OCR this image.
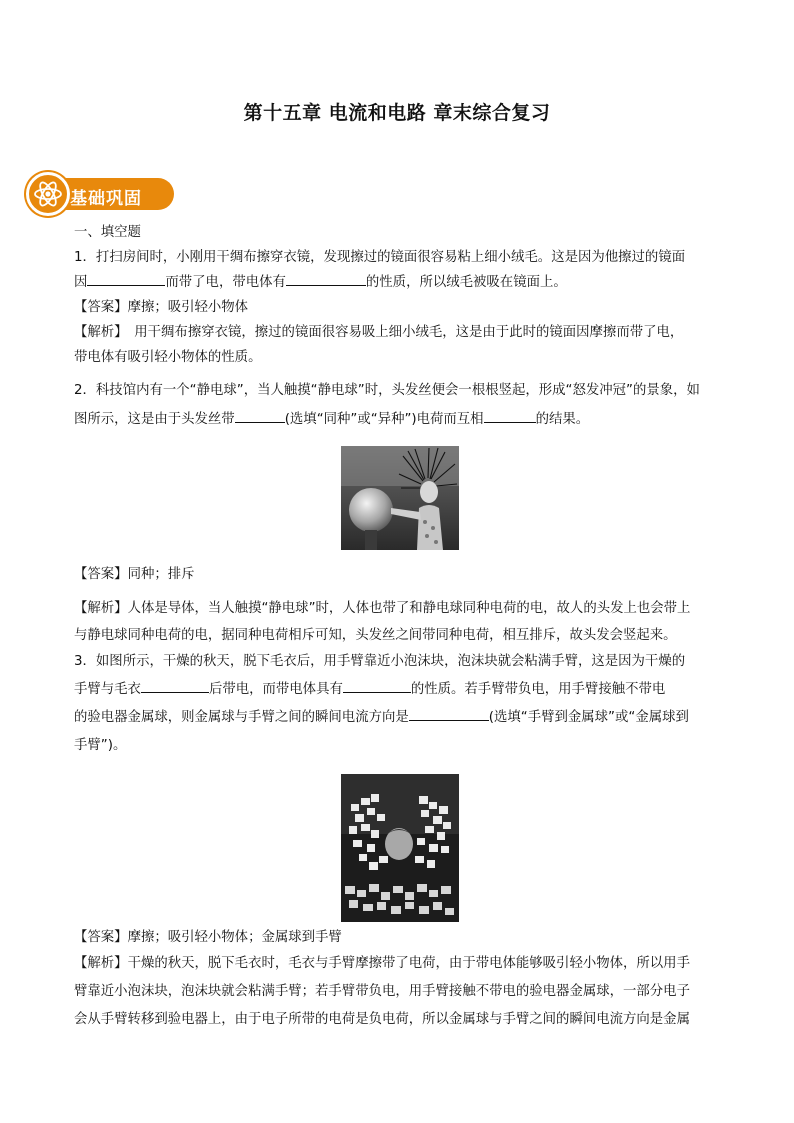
第十五章 电流和电路 章末综合复习
基础巩固

一、填空题

1．打扫房间时，小刚用干绸布擦穿衣镜，发现擦过的镜面很容易粘上细小绒毛。这是因为他擦过的镜面

因	而带了电，带电体有	的性质，所以绒毛被吸在镜面上。

【答案】摩擦；吸引轻小物体

【解析】　用干绸布擦穿衣镜，擦过的镜面很容易吸上细小绒毛，这是由于此时的镜面因摩擦而带了电，

带电体有吸引轻小物体的性质。

2．科技馆内有一个“静电球”，当人触摸“静电球”时，头发丝便会一根根竖起，形成“怒发冲冠”的景象，如

图所示，这是由于头发丝带	(选填“同种”或“异种”)电荷而互相	的结果。

【答案】同种；排斥

【解析】人体是导体，当人触摸“静电球”时，人体也带了和静电球同种电荷的电，故人的头发上也会带上

与静电球同种电荷的电，据同种电荷相斥可知，头发丝之间带同种电荷，相互排斥，故头发会竖起来。

3．如图所示，干燥的秋天，脱下毛衣后，用手臂靠近小泡沫块，泡沫块就会粘满手臂，这是因为干燥的

手臂与毛衣	后带电，而带电体具有	的性质。若手臂带负电，用手臂接触不带电

的验电器金属球，则金属球与手臂之间的瞬间电流方向是	(选填“手臂到金属球”或“金属球到

手臂”)。

【答案】摩擦；吸引轻小物体；金属球到手臂

【解析】干燥的秋天，脱下毛衣时，毛衣与手臂摩擦带了电荷，由于带电体能够吸引轻小物体，所以用手

臂靠近小泡沫块，泡沫块就会粘满手臂；若手臂带负电，用手臂接触不带电的验电器金属球，一部分电子

会从手臂转移到验电器上，由于电子所带的电荷是负电荷，所以金属球与手臂之间的瞬间电流方向是金属
